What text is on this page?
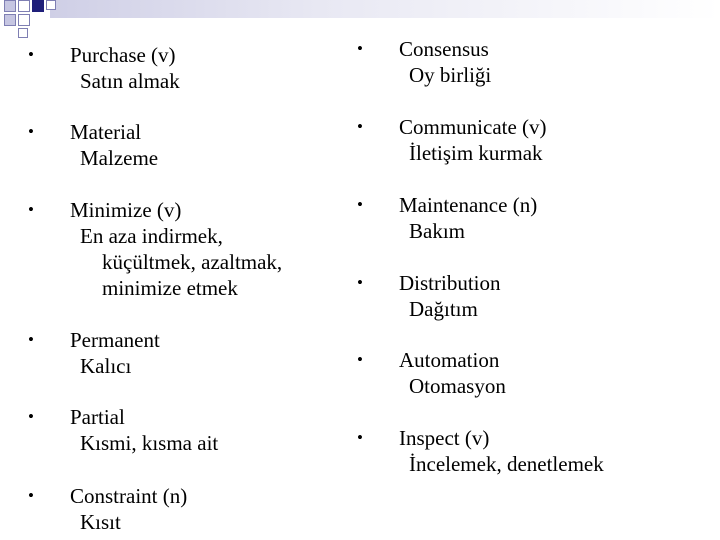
• Purchase (v)
Satın almak
• Material
Malzeme
• Minimize (v)
En aza indirmek,
küçültmek, azaltmak,
minimize etmek
• Permanent
Kalıcı
• Partial
Kısmi, kısma ait
• Constraint (n)
Kısıt
• Consensus
Oy birliği
• Communicate (v)
İletişim kurmak
• Maintenance (n)
Bakım
• Distribution
Dağıtım
• Automation
Otomasyon
• Inspect (v)
İncelemek, denetlemek
